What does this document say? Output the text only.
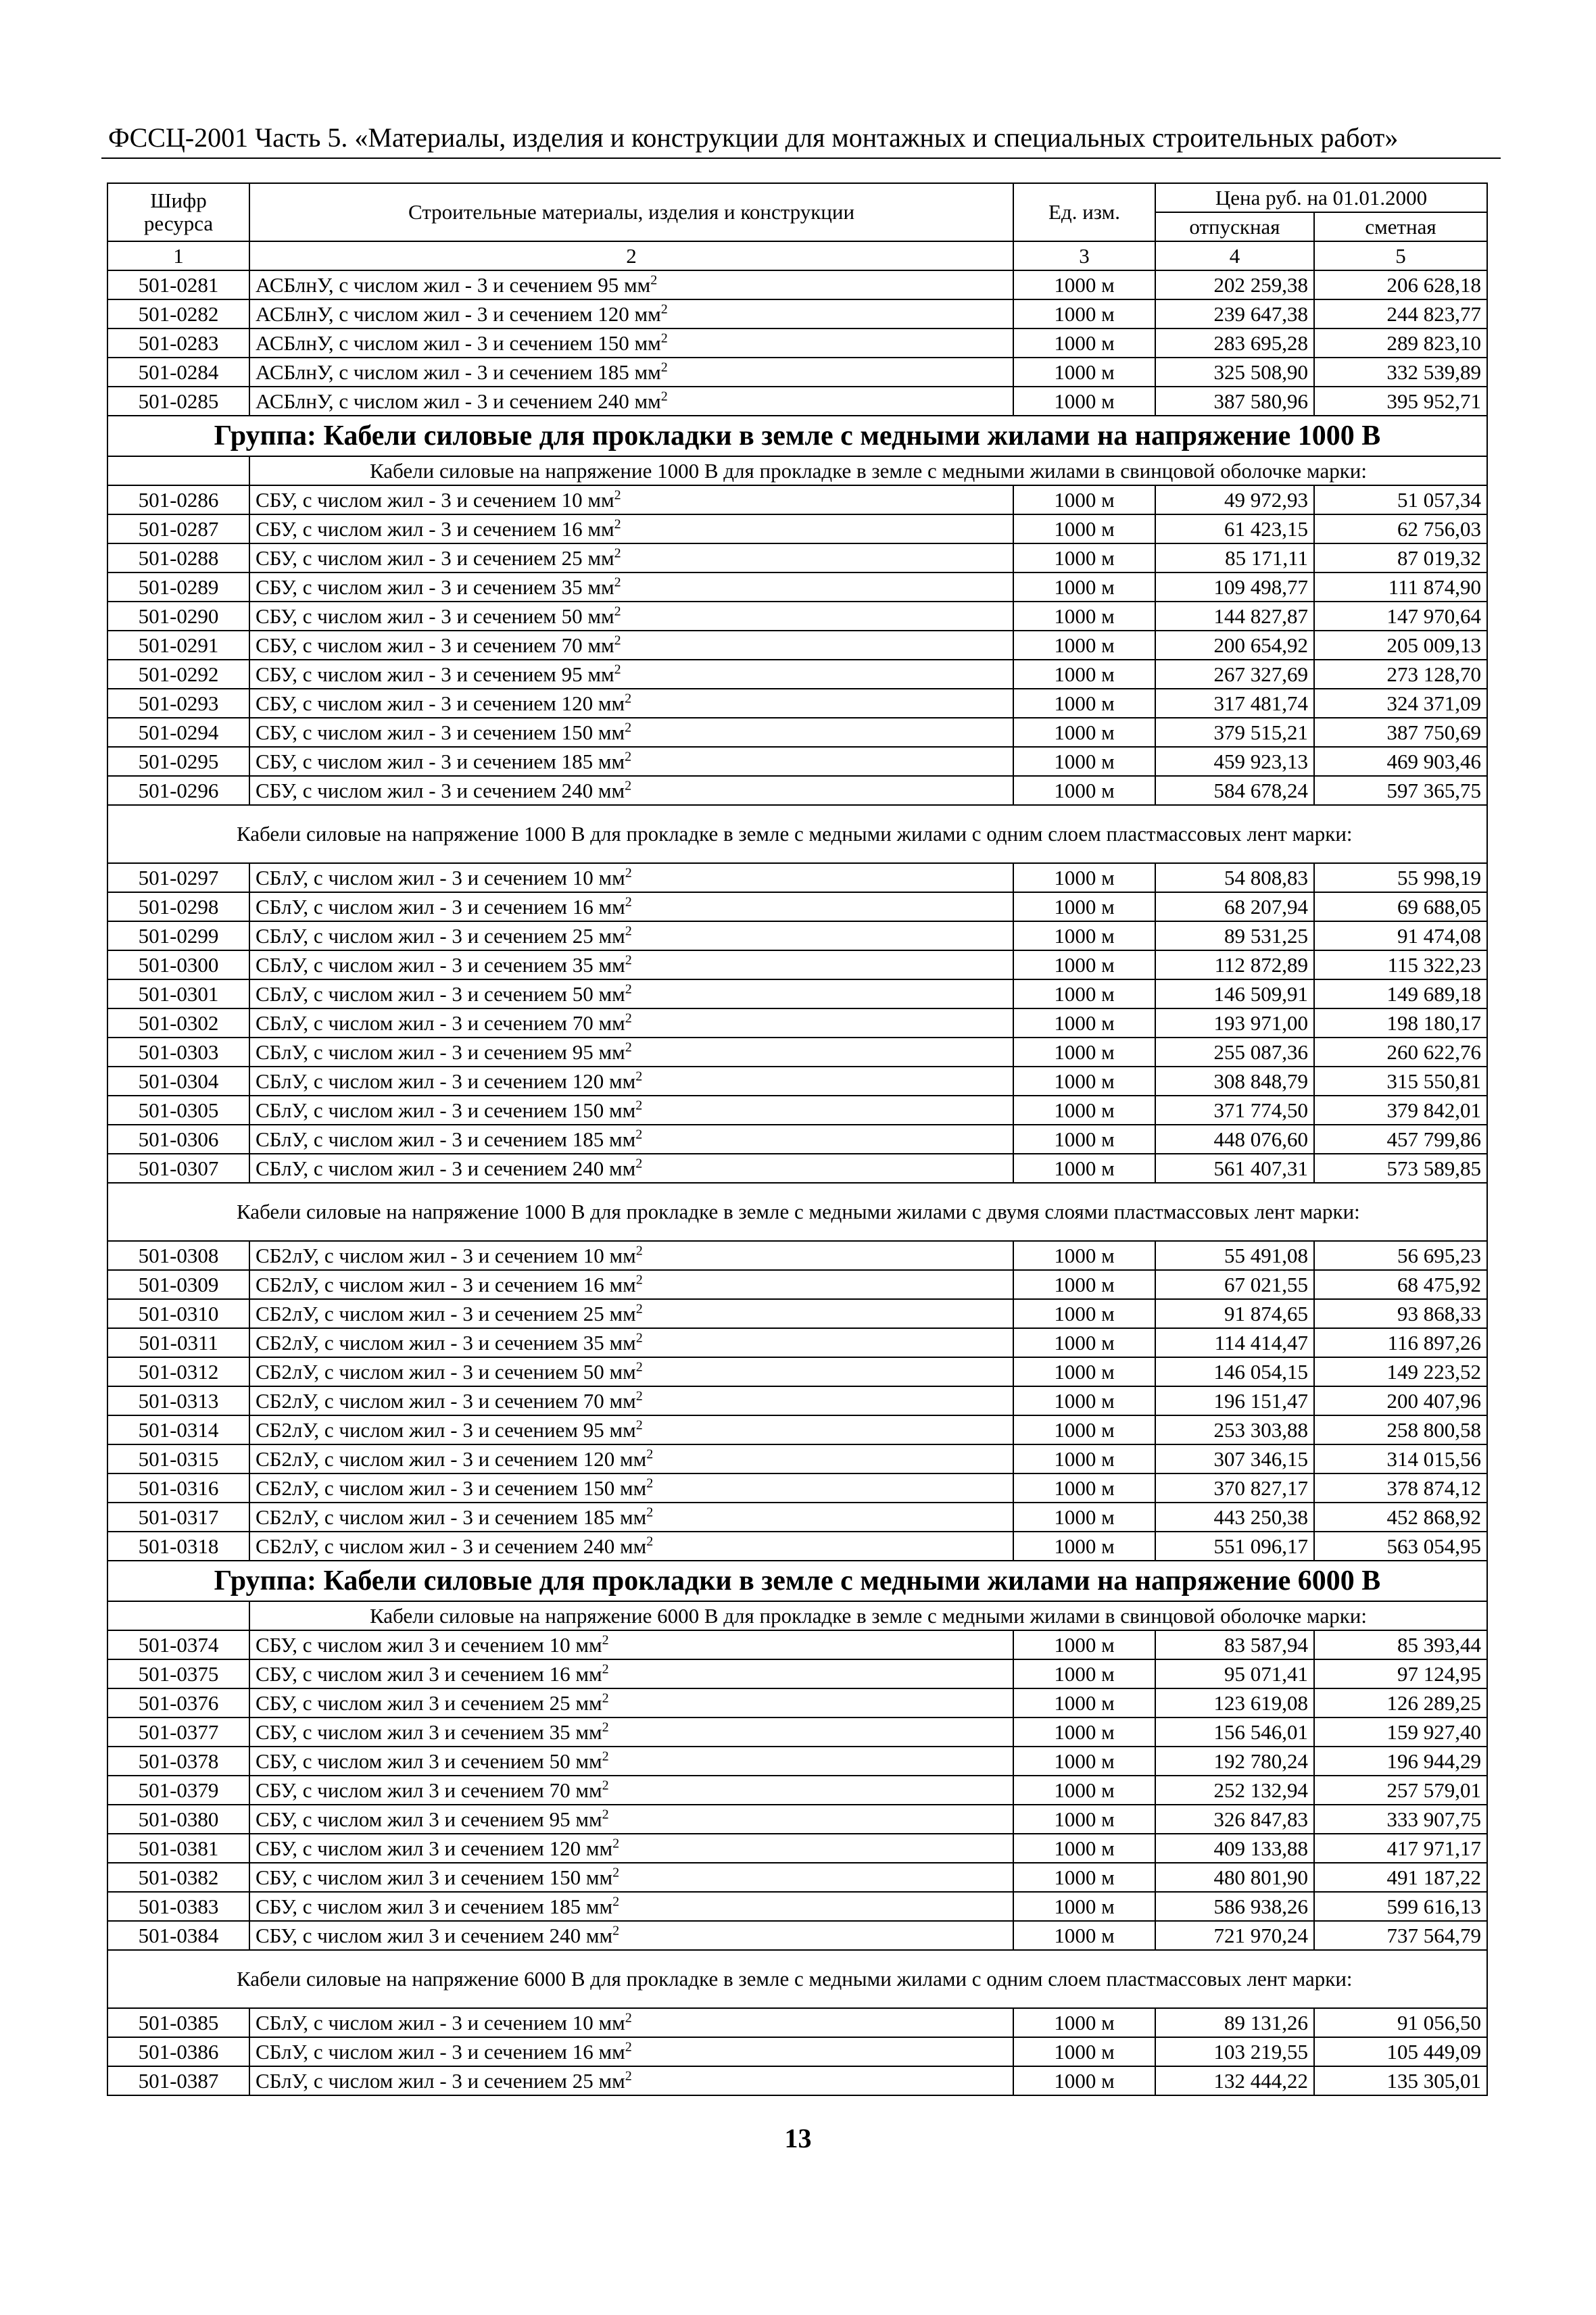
ФССЦ-2001 Часть 5. «Материалы, изделия и конструкции для монтажных и специальных строительных работ»
Шифр ресурса	Строительные материалы, изделия и конструкции	Ед. изм.	Цена руб. на 01.01.2000	
			отпускная	сметная
1	2	3	4	5
501-0281	АСБлнУ, с числом жил - 3 и сечением 95 $мм^2$	1000 м	202 259,38	206 628,18
501-0282	АСБлнУ, с числом жил - 3 и сечением 120 $мм^2$	1000 м	239 647,38	244 823,77
501-0283	АСБлнУ, с числом жил - 3 и сечением 150 $мм^2$	1000 м	283 695,28	289 823,10
501-0284	АСБлнУ, с числом жил - 3 и сечением 185 $мм^2$	1000 м	325 508,90	332 539,89
501-0285	АСБлнУ, с числом жил - 3 и сечением 240 $мм^2$	1000 м	387 580,96	395 952,71
Группа: Кабели силовые для прокладки в земле с медными жилами на напряжение 1000 В				
	Кабели силовые на напряжение 1000 В для прокладке в земле с медными жилами в свинцовой оболочке марки:			
501-0286	СБУ, с числом жил - 3 и сечением 10 $мм^2$	1000 м	49 972,93	51 057,34
501-0287	СБУ, с числом жил - 3 и сечением 16 $мм^2$	1000 м	61 423,15	62 756,03
501-0288	СБУ, с числом жил - 3 и сечением 25 $мм^2$	1000 м	85 171,11	87 019,32
501-0289	СБУ, с числом жил - 3 и сечением 35 $мм^2$	1000 м	109 498,77	111 874,90
501-0290	СБУ, с числом жил - 3 и сечением 50 $мм^2$	1000 м	144 827,87	147 970,64
501-0291	СБУ, с числом жил - 3 и сечением 70 $мм^2$	1000 м	200 654,92	205 009,13
501-0292	СБУ, с числом жил - 3 и сечением 95 $мм^2$	1000 м	267 327,69	273 128,70
501-0293	СБУ, с числом жил - 3 и сечением 120 $мм^2$	1000 м	317 481,74	324 371,09
501-0294	СБУ, с числом жил - 3 и сечением 150 $мм^2$	1000 м	379 515,21	387 750,69
501-0295	СБУ, с числом жил - 3 и сечением 185 $мм^2$	1000 м	459 923,13	469 903,46
501-0296	СБУ, с числом жил - 3 и сечением 240 $мм^2$	1000 м	584 678,24	597 365,75
Кабели силовые на напряжение 1000 В для прокладке в земле с медными жилами с одним слоем пластмассовых лент марки:				
501-0297	СБлУ, с числом жил - 3 и сечением 10 $мм^2$	1000 м	54 808,83	55 998,19
501-0298	СБлУ, с числом жил - 3 и сечением 16 $мм^2$	1000 м	68 207,94	69 688,05
501-0299	СБлУ, с числом жил - 3 и сечением 25 $мм^2$	1000 м	89 531,25	91 474,08
501-0300	СБлУ, с числом жил - 3 и сечением 35 $мм^2$	1000 м	112 872,89	115 322,23
501-0301	СБлУ, с числом жил - 3 и сечением 50 $мм^2$	1000 м	146 509,91	149 689,18
501-0302	СБлУ, с числом жил - 3 и сечением 70 $мм^2$	1000 м	193 971,00	198 180,17
501-0303	СБлУ, с числом жил - 3 и сечением 95 $мм^2$	1000 м	255 087,36	260 622,76
501-0304	СБлУ, с числом жил - 3 и сечением 120 $мм^2$	1000 м	308 848,79	315 550,81
501-0305	СБлУ, с числом жил - 3 и сечением 150 $мм^2$	1000 м	371 774,50	379 842,01
501-0306	СБлУ, с числом жил - 3 и сечением 185 $мм^2$	1000 м	448 076,60	457 799,86
501-0307	СБлУ, с числом жил - 3 и сечением 240 $мм^2$	1000 м	561 407,31	573 589,85
Кабели силовые на напряжение 1000 В для прокладке в земле с медными жилами с двумя слоями пластмассовых лент марки:				
501-0308	СБ2лУ, с числом жил - 3 и сечением 10 $мм^2$	1000 м	55 491,08	56 695,23
501-0309	СБ2лУ, с числом жил - 3 и сечением 16 $мм^2$	1000 м	67 021,55	68 475,92
501-0310	СБ2лУ, с числом жил - 3 и сечением 25 $мм^2$	1000 м	91 874,65	93 868,33
501-0311	СБ2лУ, с числом жил - 3 и сечением 35 $мм^2$	1000 м	114 414,47	116 897,26
501-0312	СБ2лУ, с числом жил - 3 и сечением 50 $мм^2$	1000 м	146 054,15	149 223,52
501-0313	СБ2лУ, с числом жил - 3 и сечением 70 $мм^2$	1000 м	196 151,47	200 407,96
501-0314	СБ2лУ, с числом жил - 3 и сечением 95 $мм^2$	1000 м	253 303,88	258 800,58
501-0315	СБ2лУ, с числом жил - 3 и сечением 120 $мм^2$	1000 м	307 346,15	314 015,56
501-0316	СБ2лУ, с числом жил - 3 и сечением 150 $мм^2$	1000 м	370 827,17	378 874,12
501-0317	СБ2лУ, с числом жил - 3 и сечением 185 $мм^2$	1000 м	443 250,38	452 868,92
501-0318	СБ2лУ, с числом жил - 3 и сечением 240 $мм^2$	1000 м	551 096,17	563 054,95
Группа: Кабели силовые для прокладки в земле с медными жилами на напряжение 6000 В				
	Кабели силовые на напряжение 6000 В для прокладке в земле с медными жилами в свинцовой оболочке марки:			
501-0374	СБУ, с числом жил 3 и сечением 10 $мм^2$	1000 м	83 587,94	85 393,44
501-0375	СБУ, с числом жил 3 и сечением 16 $мм^2$	1000 м	95 071,41	97 124,95
501-0376	СБУ, с числом жил 3 и сечением 25 $мм^2$	1000 м	123 619,08	126 289,25
501-0377	СБУ, с числом жил 3 и сечением 35 $мм^2$	1000 м	156 546,01	159 927,40
501-0378	СБУ, с числом жил 3 и сечением 50 $мм^2$	1000 м	192 780,24	196 944,29
501-0379	СБУ, с числом жил 3 и сечением 70 $мм^2$	1000 м	252 132,94	257 579,01
501-0380	СБУ, с числом жил 3 и сечением 95 $мм^2$	1000 м	326 847,83	333 907,75
501-0381	СБУ, с числом жил 3 и сечением 120 $мм^2$	1000 м	409 133,88	417 971,17
501-0382	СБУ, с числом жил 3 и сечением 150 $мм^2$	1000 м	480 801,90	491 187,22
501-0383	СБУ, с числом жил 3 и сечением 185 $мм^2$	1000 м	586 938,26	599 616,13
501-0384	СБУ, с числом жил 3 и сечением 240 $мм^2$	1000 м	721 970,24	737 564,79
Кабели силовые на напряжение 6000 В для прокладке в земле с медными жилами с одним слоем пластмассовых лент марки:				
501-0385	СБлУ, с числом жил - 3 и сечением 10 $мм^2$	1000 м	89 131,26	91 056,50
501-0386	СБлУ, с числом жил - 3 и сечением 16 $мм^2$	1000 м	103 219,55	105 449,09
501-0387	СБлУ, с числом жил - 3 и сечением 25 $мм^2$	1000 м	132 444,22	135 305,01
13
